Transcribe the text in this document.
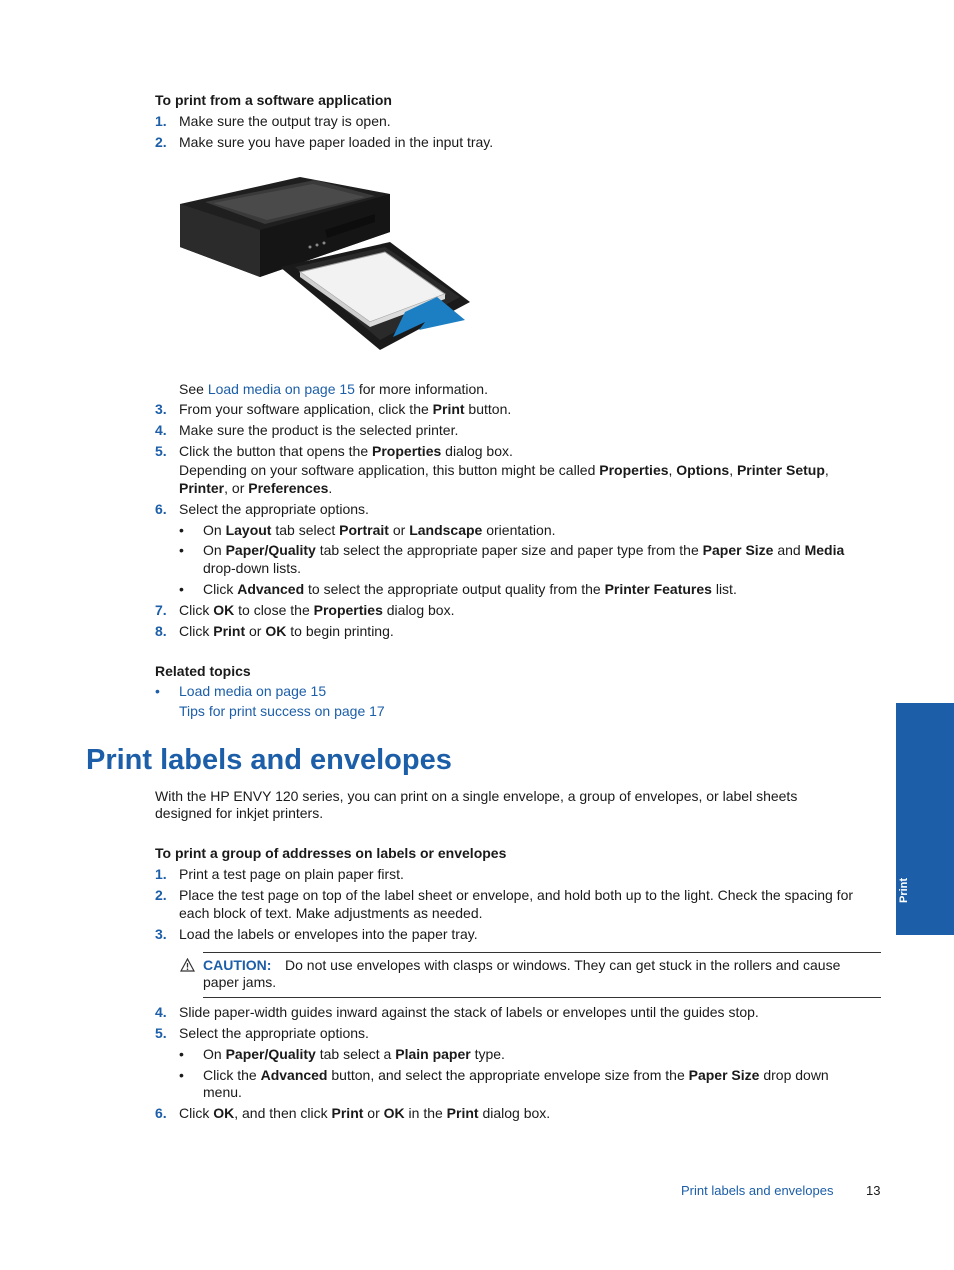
To print from a software application
1. Make sure the output tray is open.
2. Make sure you have paper loaded in the input tray.
See Load media on page 15 for more information.
3. From your software application, click the Print button.
4. Make sure the product is the selected printer.
5. Click the button that opens the Properties dialog box.
Depending on your software application, this button might be called Properties, Options, Printer Setup,
Printer, or Preferences.
6. Select the appropriate options.
• On Layout tab select Portrait or Landscape orientation.
• On Paper/Quality tab select the appropriate paper size and paper type from the Paper Size and Media
drop-down lists.
• Click Advanced to select the appropriate output quality from the Printer Features list.
7. Click OK to close the Properties dialog box.
8. Click Print or OK to begin printing.
Related topics
• Load media on page 15
Tips for print success on page 17
Print labels and envelopes
With the HP ENVY 120 series, you can print on a single envelope, a group of envelopes, or label sheets
designed for inkjet printers.
To print a group of addresses on labels or envelopes
1. Print a test page on plain paper first.
2. Place the test page on top of the label sheet or envelope, and hold both up to the light. Check the spacing for
each block of text. Make adjustments as needed.
3. Load the labels or envelopes into the paper tray.
CAUTION: Do not use envelopes with clasps or windows. They can get stuck in the rollers and cause
paper jams.
4. Slide paper-width guides inward against the stack of labels or envelopes until the guides stop.
5. Select the appropriate options.
• On Paper/Quality tab select a Plain paper type.
• Click the Advanced button, and select the appropriate envelope size from the Paper Size drop down
menu.
6. Click OK, and then click Print or OK in the Print dialog box.
Print
Print labels and envelopes	13
